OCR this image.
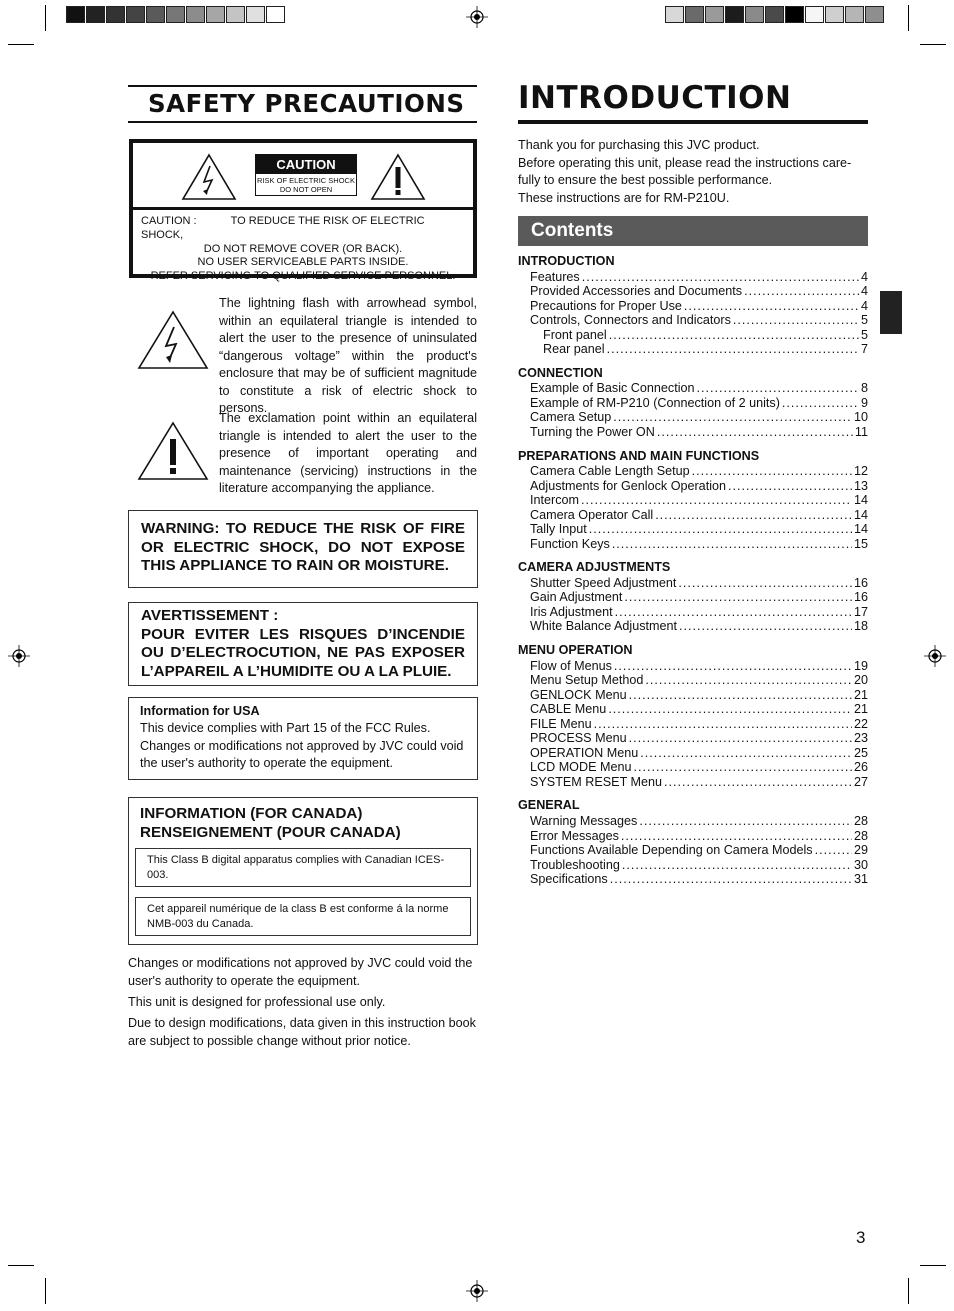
SAFETY PRECAUTIONS
CAUTION
RISK OF ELECTRIC SHOCK
DO NOT OPEN
CAUTION :	TO REDUCE THE RISK OF ELECTRIC SHOCK,
DO NOT REMOVE COVER (OR BACK).
NO USER SERVICEABLE PARTS INSIDE.
REFER SERVICING TO QUALIFIED SERVICE PERSONNEL.
The lightning flash with arrowhead symbol, within an equilateral triangle is intended to alert the user to the presence of uninsulated “dangerous voltage” within the product's enclosure that may be of sufficient magnitude to constitute a risk of electric shock to persons.
The exclamation point within an equilateral triangle is intended to alert the user to the presence of important operating and maintenance (servicing) instructions in the literature accompanying the appliance.
WARNING: TO REDUCE THE RISK OF FIRE OR ELECTRIC SHOCK, DO NOT EXPOSE THIS APPLIANCE TO RAIN OR MOISTURE.
AVERTISSEMENT :
POUR EVITER LES RISQUES D’INCENDIE OU D’ELECTROCUTION, NE PAS EXPOSER L’APPAREIL A L’HUMIDITE OU A LA PLUIE.
Information for USA
This device complies with Part 15 of the FCC Rules. Changes or modifications not approved by JVC could void the user's authority to operate the equipment.
INFORMATION (FOR CANADA)
RENSEIGNEMENT (POUR CANADA)
This Class B digital apparatus complies with Canadian ICES-003.
Cet appareil numérique de la class B est conforme á la norme NMB-003 du Canada.
Changes or modifications not approved by JVC could void the user's authority to operate the equipment.
This unit is designed for professional use only.
Due to design modifications, data given in this instruction book are subject to possible change without prior notice.
INTRODUCTION
Thank you for purchasing this JVC product.
Before operating this unit, please read the instructions care-
fully to ensure the best possible performance.
These instructions are for RM-P210U.
Contents
INTRODUCTION
Features .....	4
Provided Accessories and Documents .....	4
Precautions for Proper Use .....	4
Controls, Connectors and Indicators .....	5
Front panel .....	5
Rear panel .....	7
CONNECTION
Example of Basic Connection .....	8
Example of RM-P210 (Connection of 2 units) .....	9
Camera Setup .....	10
Turning the Power ON .....	11
PREPARATIONS AND MAIN FUNCTIONS
Camera Cable Length Setup .....	12
Adjustments for Genlock Operation .....	13
Intercom .....	14
Camera Operator Call .....	14
Tally Input .....	14
Function Keys .....	15
CAMERA ADJUSTMENTS
Shutter Speed Adjustment .....	16
Gain Adjustment .....	16
Iris Adjustment .....	17
White Balance Adjustment .....	18
MENU OPERATION
Flow of Menus .....	19
Menu Setup Method .....	20
GENLOCK Menu .....	21
CABLE Menu .....	21
FILE Menu .....	22
PROCESS Menu .....	23
OPERATION Menu .....	25
LCD MODE Menu .....	26
SYSTEM RESET Menu .....	27
GENERAL
Warning Messages .....	28
Error Messages .....	28
Functions Available Depending on Camera Models .....	29
Troubleshooting .....	30
Specifications .....	31
3
